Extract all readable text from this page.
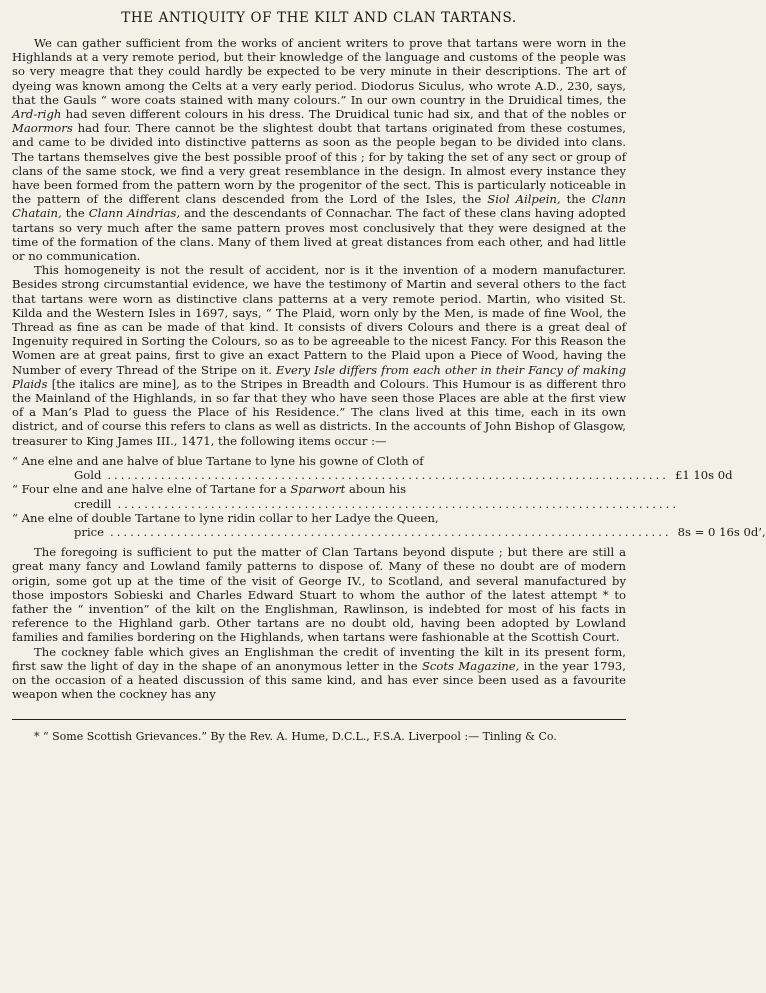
THE ANTIQUITY OF THE KILT AND CLAN TARTANS.

We can gather sufficient from the works of ancient writers to prove that tartans were worn in the Highlands at a very remote period, but their knowledge of the language and customs of the people was so very meagre that they could hardly be expected to be very minute in their descriptions. The art of dyeing was known among the Celts at a very early period. Diodorus Siculus, who wrote A.D., 230, says, that the Gauls “ wore coats stained with many colours.” In our own country in the Druidical times, the Ard-righ had seven different colours in his dress. The Druidical tunic had six, and that of the nobles or Maormors had four. There cannot be the slightest doubt that tartans originated from these costumes, and came to be divided into distinctive patterns as soon as the people began to be divided into clans. The tartans themselves give the best possible proof of this ; for by taking the set of any sect or group of clans of the same stock, we find a very great resemblance in the design. In almost every instance they have been formed from the pattern worn by the progenitor of the sect. This is particularly noticeable in the pattern of the different clans descended from the Lord of the Isles, the Siol Ailpein, the Clann Chatain, the Clann Aindrias, and the descendants of Connachar. The fact of these clans having adopted tartans so very much after the same pattern proves most conclusively that they were designed at the time of the formation of the clans. Many of them lived at great distances from each other, and had little or no communication.

This homogeneity is not the result of accident, nor is it the invention of a modern manufacturer. Besides strong circumstantial evidence, we have the testimony of Martin and several others to the fact that tartans were worn as distinctive clans patterns at a very remote period. Martin, who visited St. Kilda and the Western Isles in 1697, says, “ The Plaid, worn only by the Men, is made of fine Wool, the Thread as fine as can be made of that kind. It consists of divers Colours and there is a great deal of Ingenuity required in Sorting the Colours, so as to be agreeable to the nicest Fancy. For this Reason the Women are at great pains, first to give an exact Pattern to the Plaid upon a Piece of Wood, having the Number of every Thread of the Stripe on it. Every Isle differs from each other in their Fancy of making Plaids [the italics are mine], as to the Stripes in Breadth and Colours. This Humour is as different thro the Mainland of the Highlands, in so far that they who have seen those Places are able at the first view of a Man’s Plad to guess the Place of his Residence.” The clans lived at this time, each in its own district, and of course this refers to clans as well as districts. In the accounts of John Bishop of Glasgow, treasurer to King James III., 1471, the following items occur :—

“ Ane elne and ane halve of blue Tartane to lyne his gowne of Cloth of
Gold .................................................................................... £1 10s 0d
“ Four elne and ane halve elne of Tartane for a Sparwort aboun his
credill ....................................................................................
“ Ane elne of double Tartane to lyne ridin collar to her Ladye the Queen,
price .................................................................................... 8s = 0 16s 0d’,

The foregoing is sufficient to put the matter of Clan Tartans beyond dispute ; but there are still a great many fancy and Lowland family patterns to dispose of. Many of these no doubt are of modern origin, some got up at the time of the visit of George IV., to Scotland, and several manufactured by those impostors Sobieski and Charles Edward Stuart to whom the author of the latest attempt * to father the “ invention” of the kilt on the Englishman, Rawlinson, is indebted for most of his facts in reference to the Highland garb. Other tartans are no doubt old, having been adopted by Lowland families and families bordering on the Highlands, when tartans were fashionable at the Scottish Court.

The cockney fable which gives an Englishman the credit of inventing the kilt in its present form, first saw the light of day in the shape of an anonymous letter in the Scots Magazine, in the year 1793, on the occasion of a heated discussion of this same kind, and has ever since been used as a favourite weapon when the cockney has any

* “ Some Scottish Grievances.” By the Rev. A. Hume, D.C.L., F.S.A. Liverpool :— Tinling & Co.
